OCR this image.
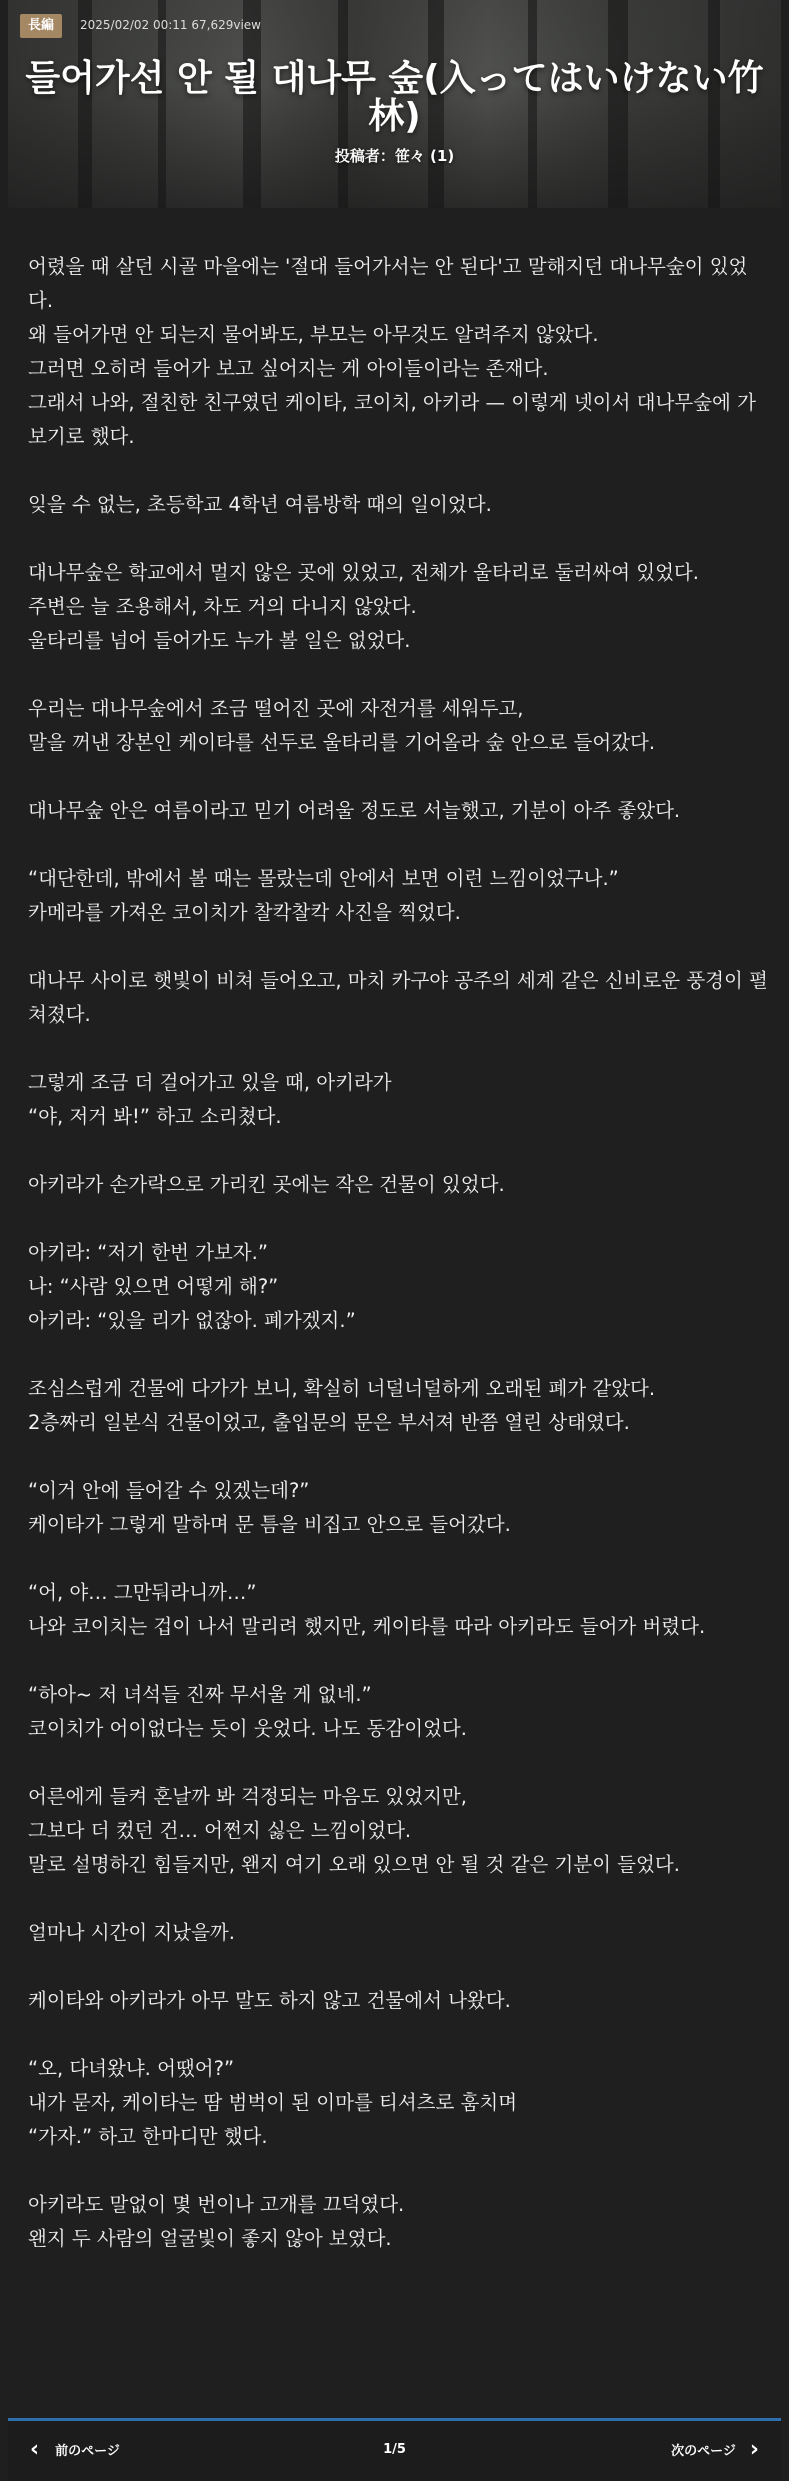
長編	2025/02/02 00:11 67,629view
들어가선 안 될 대나무 숲(入ってはいけない竹林)
投稿者：笹々 (1)

어렸을 때 살던 시골 마을에는 '절대 들어가서는 안 된다'고 말해지던 대나무숲이 있었다.
왜 들어가면 안 되는지 물어봐도, 부모는 아무것도 알려주지 않았다.
그러면 오히려 들어가 보고 싶어지는 게 아이들이라는 존재다.
그래서 나와, 절친한 친구였던 케이타, 코이치, 아키라 — 이렇게 넷이서 대나무숲에 가 보기로 했다.

잊을 수 없는, 초등학교 4학년 여름방학 때의 일이었다.

대나무숲은 학교에서 멀지 않은 곳에 있었고, 전체가 울타리로 둘러싸여 있었다.
주변은 늘 조용해서, 차도 거의 다니지 않았다.
울타리를 넘어 들어가도 누가 볼 일은 없었다.

우리는 대나무숲에서 조금 떨어진 곳에 자전거를 세워두고,
말을 꺼낸 장본인 케이타를 선두로 울타리를 기어올라 숲 안으로 들어갔다.

대나무숲 안은 여름이라고 믿기 어려울 정도로 서늘했고, 기분이 아주 좋았다.

“대단한데, 밖에서 볼 때는 몰랐는데 안에서 보면 이런 느낌이었구나.”
카메라를 가져온 코이치가 찰칵찰칵 사진을 찍었다.

대나무 사이로 햇빛이 비쳐 들어오고, 마치 카구야 공주의 세계 같은 신비로운 풍경이 펼쳐졌다.

그렇게 조금 더 걸어가고 있을 때, 아키라가
“야, 저거 봐!” 하고 소리쳤다.

아키라가 손가락으로 가리킨 곳에는 작은 건물이 있었다.

아키라: “저기 한번 가보자.”
나: “사람 있으면 어떻게 해?”
아키라: “있을 리가 없잖아. 폐가겠지.”

조심스럽게 건물에 다가가 보니, 확실히 너덜너덜하게 오래된 폐가 같았다.
2층짜리 일본식 건물이었고, 출입문의 문은 부서져 반쯤 열린 상태였다.

“이거 안에 들어갈 수 있겠는데?”
케이타가 그렇게 말하며 문 틈을 비집고 안으로 들어갔다.

“어, 야… 그만둬라니까…”
나와 코이치는 겁이 나서 말리려 했지만, 케이타를 따라 아키라도 들어가 버렸다.

“하아~ 저 녀석들 진짜 무서울 게 없네.”
코이치가 어이없다는 듯이 웃었다. 나도 동감이었다.

어른에게 들켜 혼날까 봐 걱정되는 마음도 있었지만,
그보다 더 컸던 건… 어쩐지 싫은 느낌이었다.
말로 설명하긴 힘들지만, 왠지 여기 오래 있으면 안 될 것 같은 기분이 들었다.

얼마나 시간이 지났을까.

케이타와 아키라가 아무 말도 하지 않고 건물에서 나왔다.

“오, 다녀왔냐. 어땠어?”
내가 묻자, 케이타는 땀 범벅이 된 이마를 티셔츠로 훔치며
“가자.” 하고 한마디만 했다.

아키라도 말없이 몇 번이나 고개를 끄덕였다.
왠지 두 사람의 얼굴빛이 좋지 않아 보였다.

‹ 前のページ	1/5	次のページ ›
